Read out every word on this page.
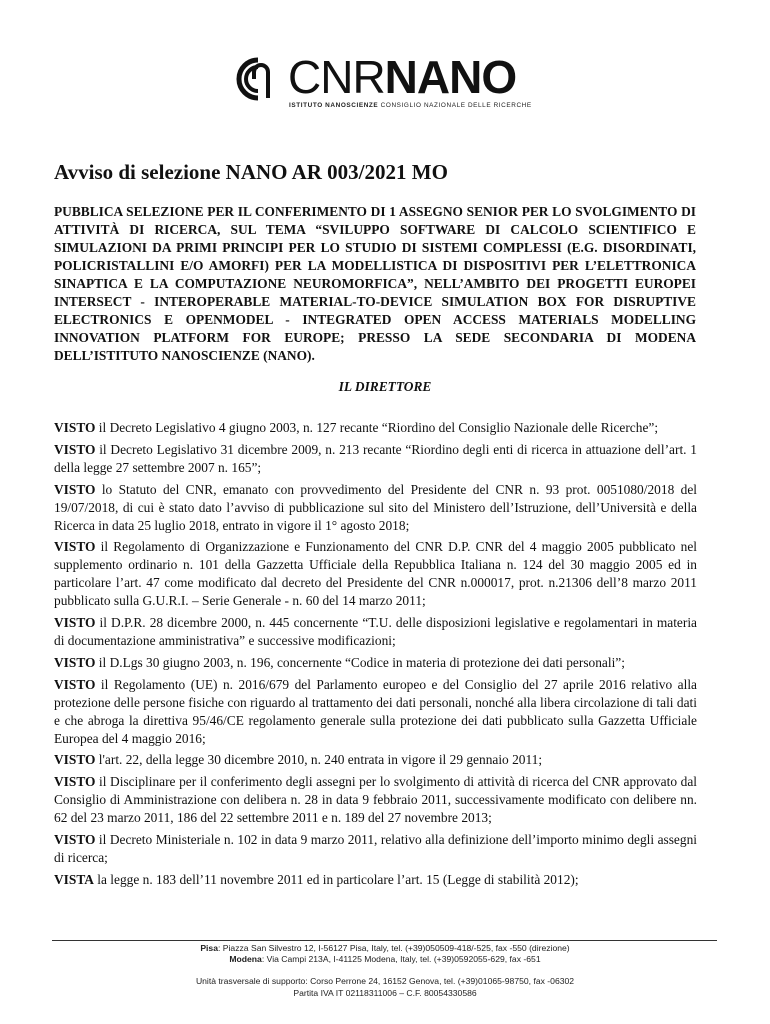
CNRNANO
ISTITUTO NANOSCIENZE CONSIGLIO NAZIONALE DELLE RICERCHE
Avviso di selezione NANO AR 003/2021 MO

PUBBLICA SELEZIONE PER IL CONFERIMENTO DI 1 ASSEGNO SENIOR PER LO SVOLGIMENTO DI ATTIVITÀ DI RICERCA, SUL TEMA “SVILUPPO SOFTWARE DI CALCOLO SCIENTIFICO E SIMULAZIONI DA PRIMI PRINCIPI PER LO STUDIO DI SISTEMI COMPLESSI (E.G. DISORDINATI, POLICRISTALLINI E/O AMORFI) PER LA MODELLISTICA DI DISPOSITIVI PER L’ELETTRONICA SINAPTICA E LA COMPUTAZIONE NEUROMORFICA”, NELL’AMBITO DEI PROGETTI EUROPEI INTERSECT - INTEROPERABLE MATERIAL-TO-DEVICE SIMULATION BOX FOR DISRUPTIVE ELECTRONICS E OPENMODEL - INTEGRATED OPEN ACCESS MATERIALS MODELLING INNOVATION PLATFORM FOR EUROPE; PRESSO LA SEDE SECONDARIA DI MODENA DELL’ISTITUTO NANOSCIENZE (NANO).

IL DIRETTORE
VISTO il Decreto Legislativo 4 giugno 2003, n. 127 recante “Riordino del Consiglio Nazionale delle Ricerche”;
VISTO il Decreto Legislativo 31 dicembre 2009, n. 213 recante “Riordino degli enti di ricerca in attuazione dell’art. 1 della legge 27 settembre 2007 n. 165”;
VISTO lo Statuto del CNR, emanato con provvedimento del Presidente del CNR n. 93 prot. 0051080/2018 del 19/07/2018, di cui è stato dato l’avviso di pubblicazione sul sito del Ministero dell’Istruzione, dell’Università e della Ricerca in data 25 luglio 2018, entrato in vigore il 1° agosto 2018;
VISTO il Regolamento di Organizzazione e Funzionamento del CNR D.P. CNR del 4 maggio 2005 pubblicato nel supplemento ordinario n. 101 della Gazzetta Ufficiale della Repubblica Italiana n. 124 del 30 maggio 2005 ed in particolare l’art. 47 come modificato dal decreto del Presidente del CNR n.000017, prot. n.21306 dell’8 marzo 2011 pubblicato sulla G.U.R.I. – Serie Generale - n. 60 del 14 marzo 2011;
VISTO il D.P.R. 28 dicembre 2000, n. 445 concernente “T.U. delle disposizioni legislative e regolamentari in materia di documentazione amministrativa” e successive modificazioni;
VISTO il D.Lgs 30 giugno 2003, n. 196, concernente “Codice in materia di protezione dei dati personali”;
VISTO il Regolamento (UE) n. 2016/679 del Parlamento europeo e del Consiglio del 27 aprile 2016 relativo alla protezione delle persone fisiche con riguardo al trattamento dei dati personali, nonché alla libera circolazione di tali dati e che abroga la direttiva 95/46/CE regolamento generale sulla protezione dei dati pubblicato sulla Gazzetta Ufficiale Europea del 4 maggio 2016;
VISTO l'art. 22, della legge 30 dicembre 2010, n. 240 entrata in vigore il 29 gennaio 2011;
VISTO il Disciplinare per il conferimento degli assegni per lo svolgimento di attività di ricerca del CNR approvato dal Consiglio di Amministrazione con delibera n. 28 in data 9 febbraio 2011, successivamente modificato con delibere nn. 62 del 23 marzo 2011, 186 del 22 settembre 2011 e n. 189 del 27 novembre 2013;
VISTO il Decreto Ministeriale n. 102 in data 9 marzo 2011, relativo alla definizione dell’importo minimo degli assegni di ricerca;
VISTA la legge n. 183 dell’11 novembre 2011 ed in particolare l’art. 15 (Legge di stabilità 2012);
Pisa: Piazza San Silvestro 12, I-56127 Pisa, Italy, tel. (+39)050509-418/-525, fax -550 (direzione)
Modena: Via Campi 213A, I-41125 Modena, Italy, tel. (+39)0592055-629, fax -651
Unità trasversale di supporto: Corso Perrone 24, 16152 Genova, tel. (+39)01065-98750, fax -06302
Partita IVA IT 02118311006 – C.F. 80054330586
